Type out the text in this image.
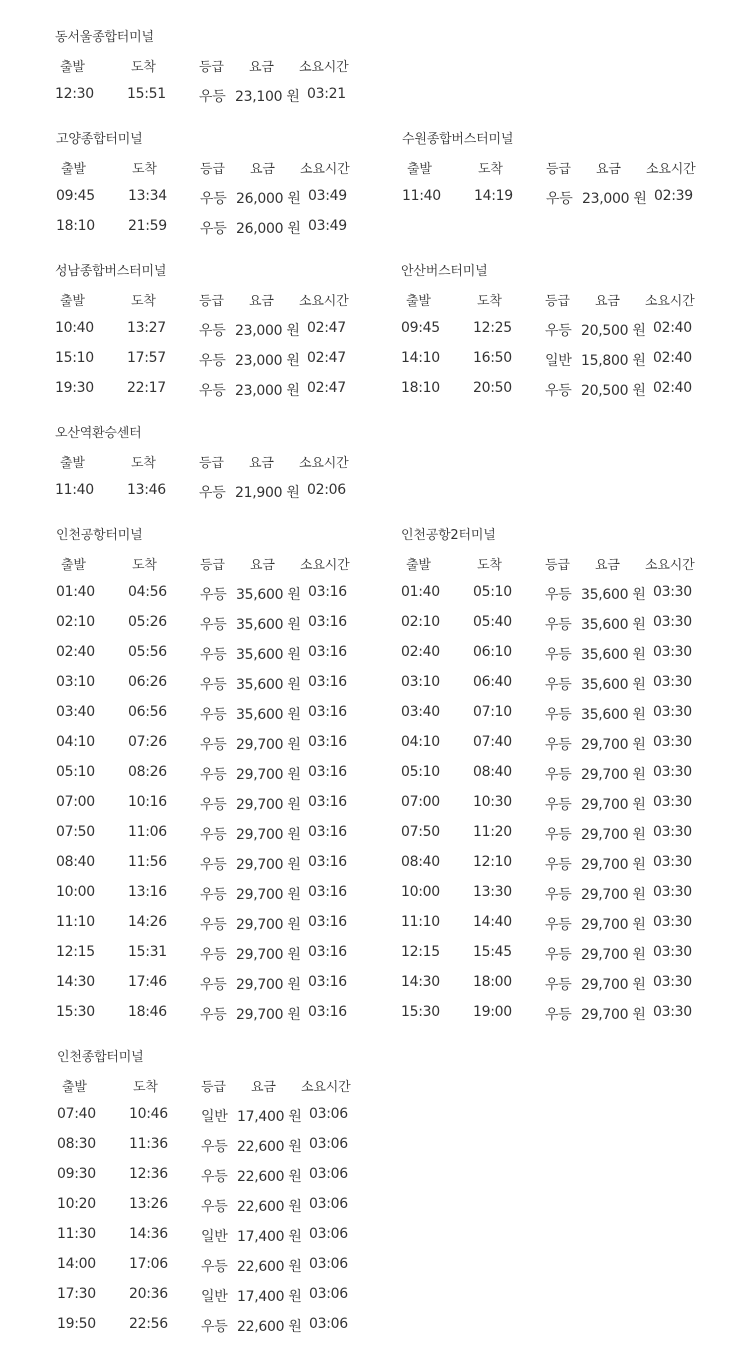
동서울종합터미널
출발	도착	등급 요금 소요시간
12:30 15:51 우등 23,100 원 03:21
고양종합터미널
출발	도착	등급 요금 소요시간
09:45 13:34 우등 26,000 원 03:49
18:10 21:59 우등 26,000 원 03:49
수원종합버스터미널
출발	도착	등급 요금 소요시간
11:40 14:19 우등 23,000 원 02:39
성남종합버스터미널
출발	도착	등급 요금 소요시간
10:40 13:27 우등 23,000 원 02:47
15:10 17:57 우등 23,000 원 02:47
19:30 22:17 우등 23,000 원 02:47
안산버스터미널
출발	도착	등급 요금 소요시간
09:45 12:25 우등 20,500 원 02:40
14:10 16:50 일반 15,800 원 02:40
18:10 20:50 우등 20,500 원 02:40
오산역환승센터
출발	도착	등급 요금 소요시간
11:40 13:46 우등 21,900 원 02:06
인천공항터미널
출발	도착	등급 요금 소요시간
01:40 04:56 우등 35,600 원 03:16
02:10 05:26 우등 35,600 원 03:16
02:40 05:56 우등 35,600 원 03:16
03:10 06:26 우등 35,600 원 03:16
03:40 06:56 우등 35,600 원 03:16
04:10 07:26 우등 29,700 원 03:16
05:10 08:26 우등 29,700 원 03:16
07:00 10:16 우등 29,700 원 03:16
07:50 11:06 우등 29,700 원 03:16
08:40 11:56 우등 29,700 원 03:16
10:00 13:16 우등 29,700 원 03:16
11:10 14:26 우등 29,700 원 03:16
12:15 15:31 우등 29,700 원 03:16
14:30 17:46 우등 29,700 원 03:16
15:30 18:46 우등 29,700 원 03:16
인천공항2터미널
출발	도착	등급 요금 소요시간
01:40 05:10 우등 35,600 원 03:30
02:10 05:40 우등 35,600 원 03:30
02:40 06:10 우등 35,600 원 03:30
03:10 06:40 우등 35,600 원 03:30
03:40 07:10 우등 35,600 원 03:30
04:10 07:40 우등 29,700 원 03:30
05:10 08:40 우등 29,700 원 03:30
07:00 10:30 우등 29,700 원 03:30
07:50 11:20 우등 29,700 원 03:30
08:40 12:10 우등 29,700 원 03:30
10:00 13:30 우등 29,700 원 03:30
11:10 14:40 우등 29,700 원 03:30
12:15 15:45 우등 29,700 원 03:30
14:30 18:00 우등 29,700 원 03:30
15:30 19:00 우등 29,700 원 03:30
인천종합터미널
출발	도착	등급 요금 소요시간
07:40 10:46 일반 17,400 원 03:06
08:30 11:36 우등 22,600 원 03:06
09:30 12:36 우등 22,600 원 03:06
10:20 13:26 우등 22,600 원 03:06
11:30 14:36 일반 17,400 원 03:06
14:00 17:06 우등 22,600 원 03:06
17:30 20:36 일반 17,400 원 03:06
19:50 22:56 우등 22,600 원 03:06
